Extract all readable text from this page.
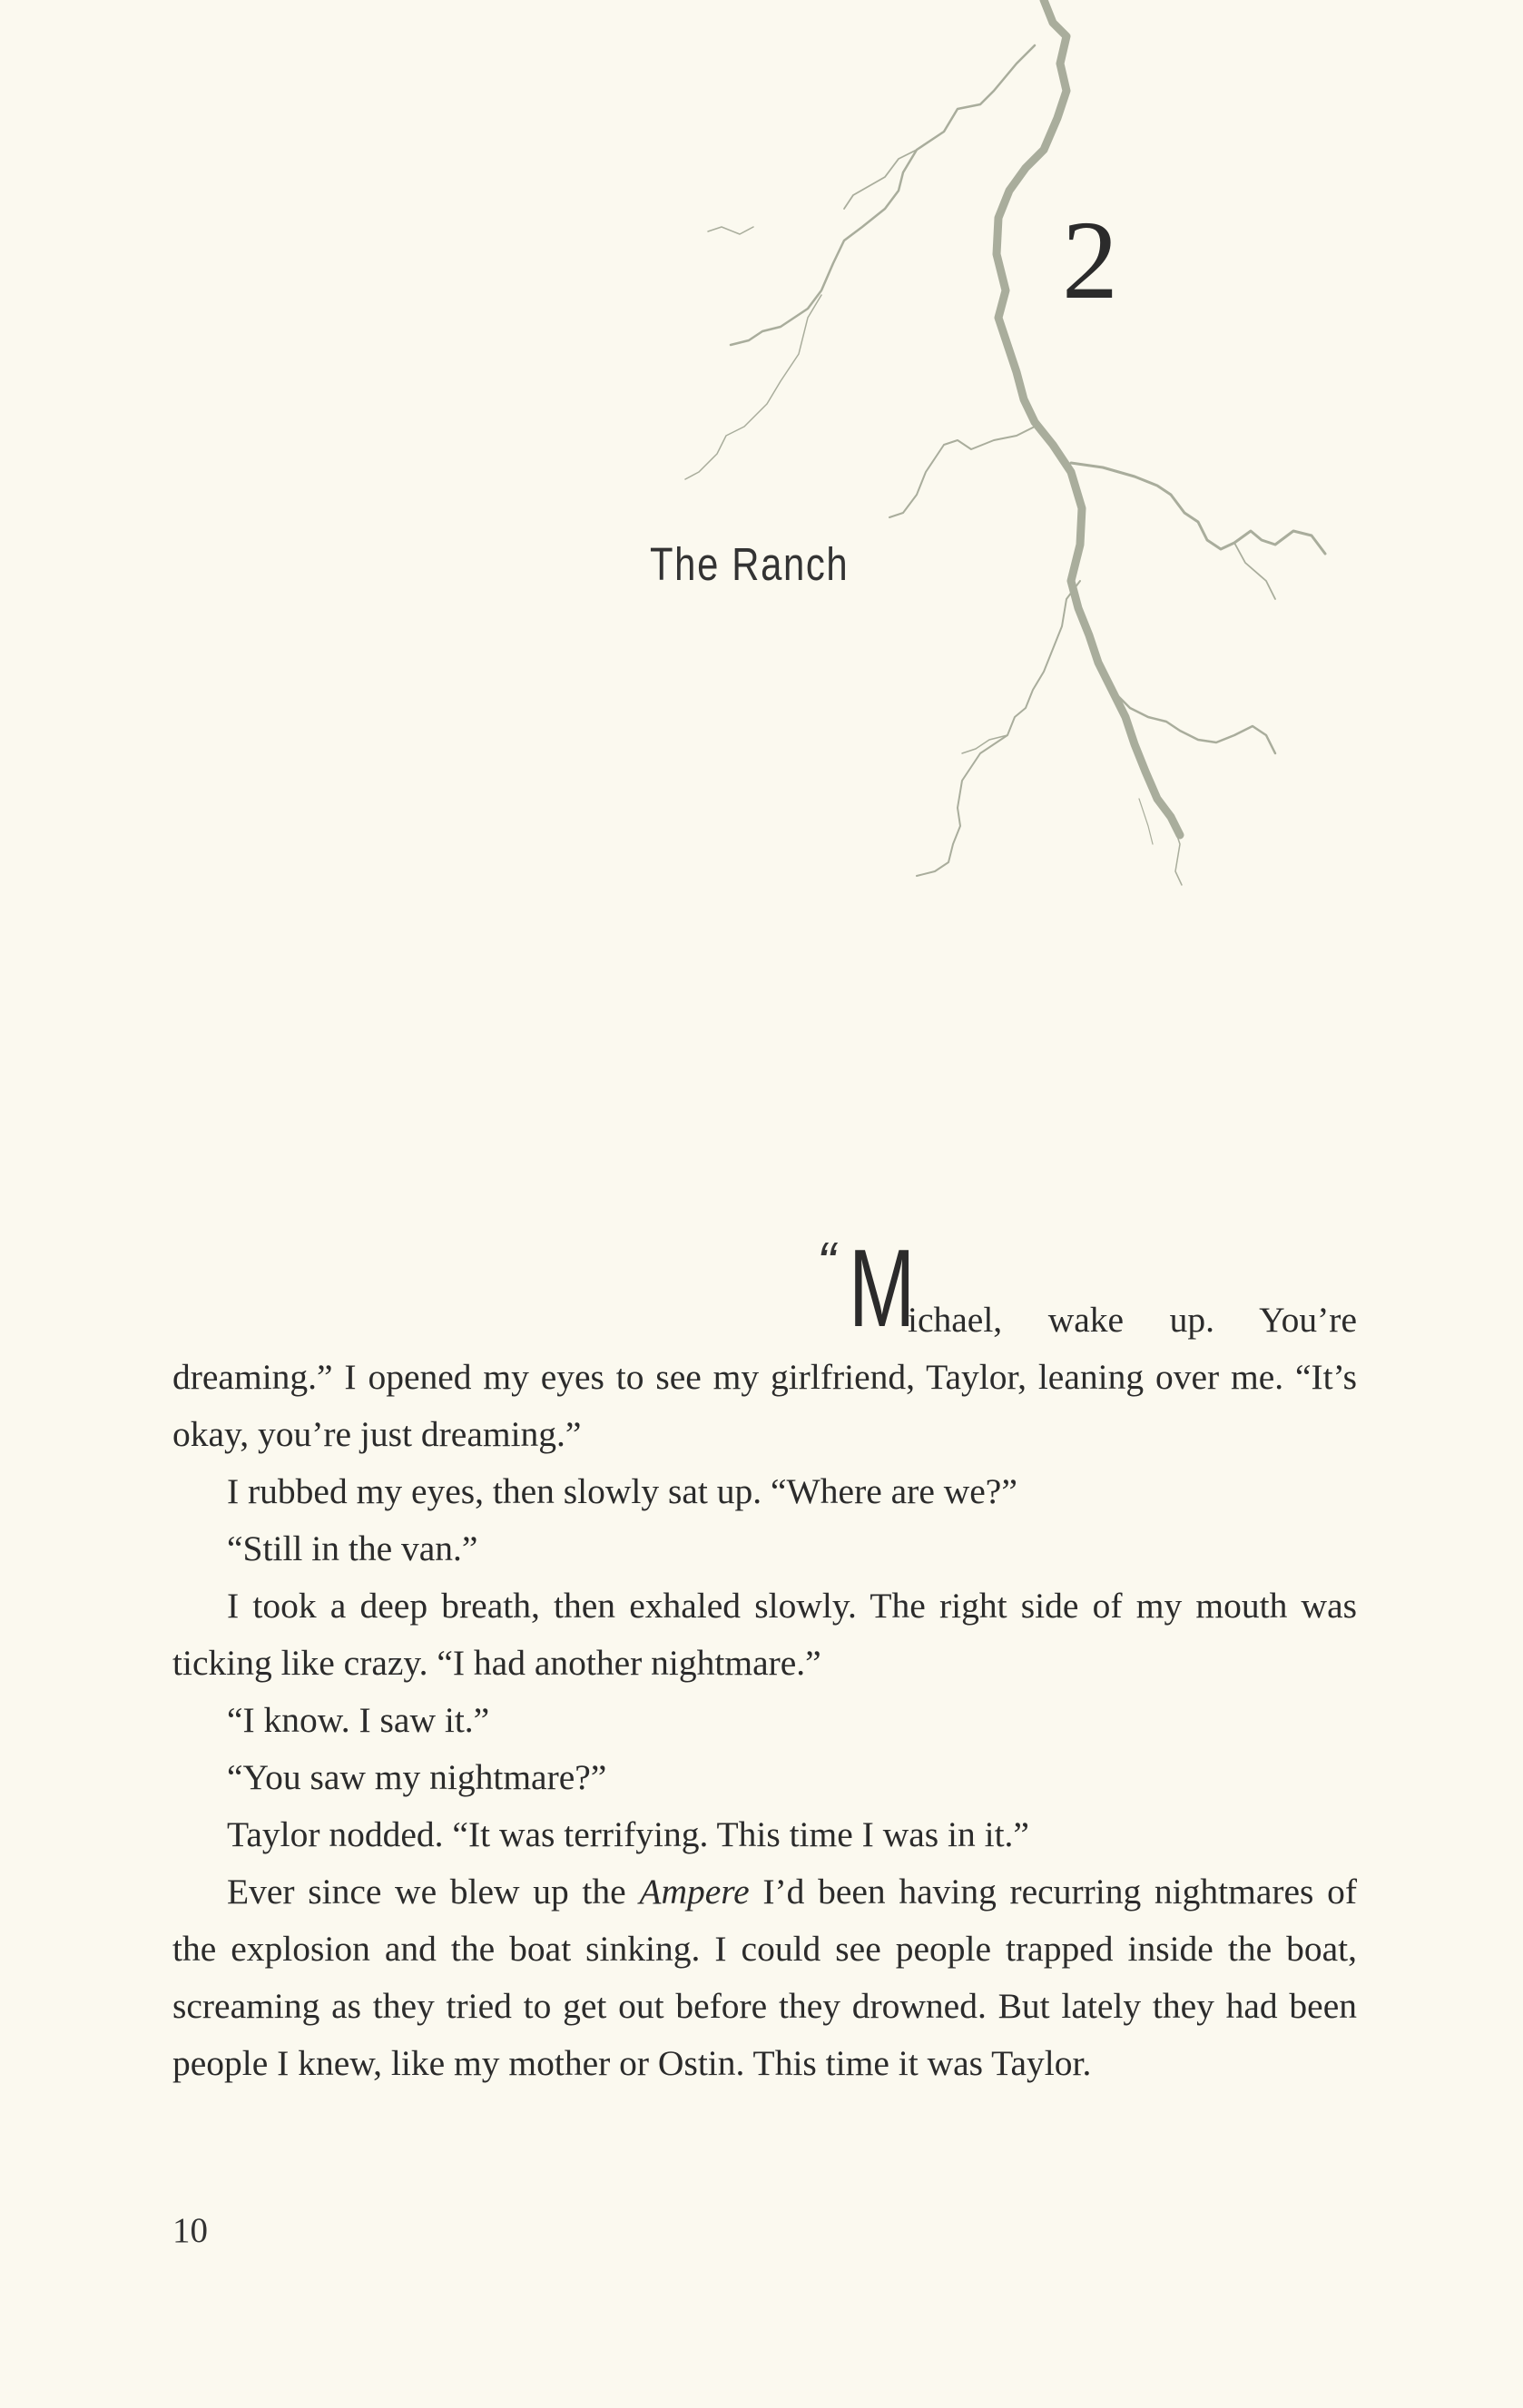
2
The Ranch
“ M
ichael, wake up. You’re

dreaming.” I opened my eyes to see my girlfriend, Taylor, leaning over me. “It’s okay, you’re just dreaming.”

I rubbed my eyes, then slowly sat up. “Where are we?”

“Still in the van.”

I took a deep breath, then exhaled slowly. The right side of my mouth was ticking like crazy. “I had another nightmare.”

“I know. I saw it.”

“You saw my nightmare?”

Taylor nodded. “It was terrifying. This time I was in it.”

Ever since we blew up the Ampere I’d been having recurring nightmares of the explosion and the boat sinking. I could see people trapped inside the boat, screaming as they tried to get out before they drowned. But lately they had been people I knew, like my mother or Ostin. This time it was Taylor.

10
